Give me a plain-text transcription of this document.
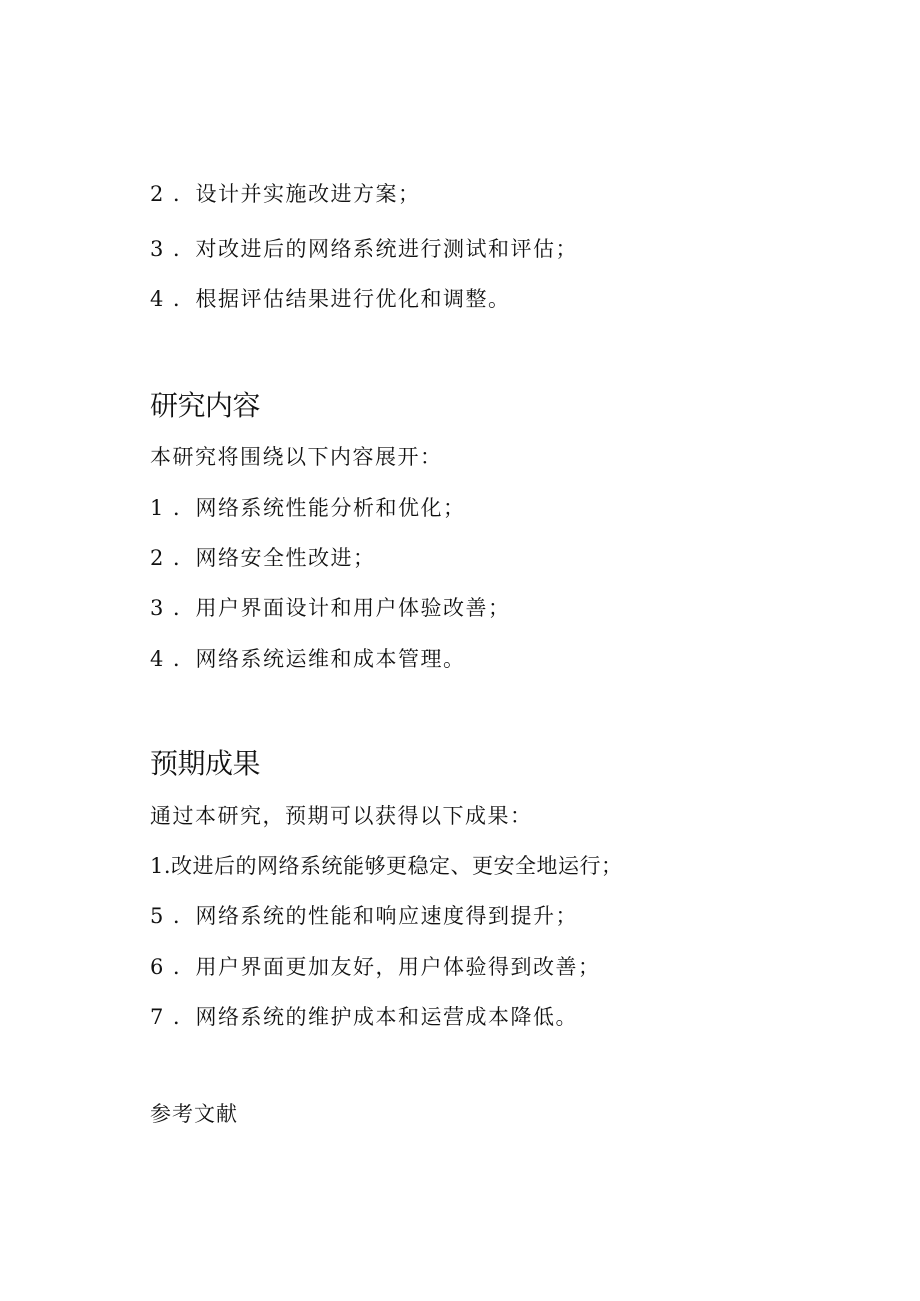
2 ．设计并实施改进方案；
3 ．对改进后的网络系统进行测试和评估；
4 ．根据评估结果进行优化和调整。
研究内容
本研究将围绕以下内容展开：
1 ．网络系统性能分析和优化；
2 ．网络安全性改进；
3 ．用户界面设计和用户体验改善；
4 ．网络系统运维和成本管理。
预期成果
通过本研究，预期可以获得以下成果：
1.改进后的网络系统能够更稳定、更安全地运行；
5 ．网络系统的性能和响应速度得到提升；
6 ．用户界面更加友好，用户体验得到改善；
7 ．网络系统的维护成本和运营成本降低。
参考文献
